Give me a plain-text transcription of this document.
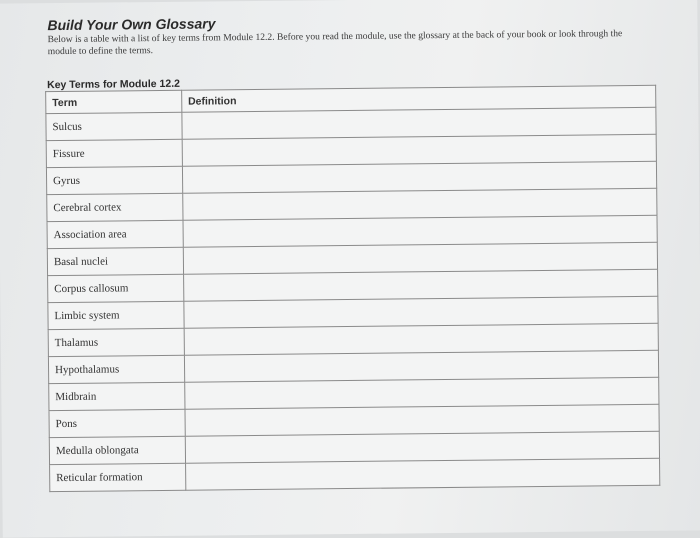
Build Your Own Glossary

Below is a table with a list of key terms from Module 12.2. Before you read the module, use the glossary at the back of your book or look through the module to define the terms.

Key Terms for Module 12.2

Term	Definition
Sulcus	
Fissure	
Gyrus	
Cerebral cortex	
Association area	
Basal nuclei	
Corpus callosum	
Limbic system	
Thalamus	
Hypothalamus	
Midbrain	
Pons	
Medulla oblongata	
Reticular formation	
